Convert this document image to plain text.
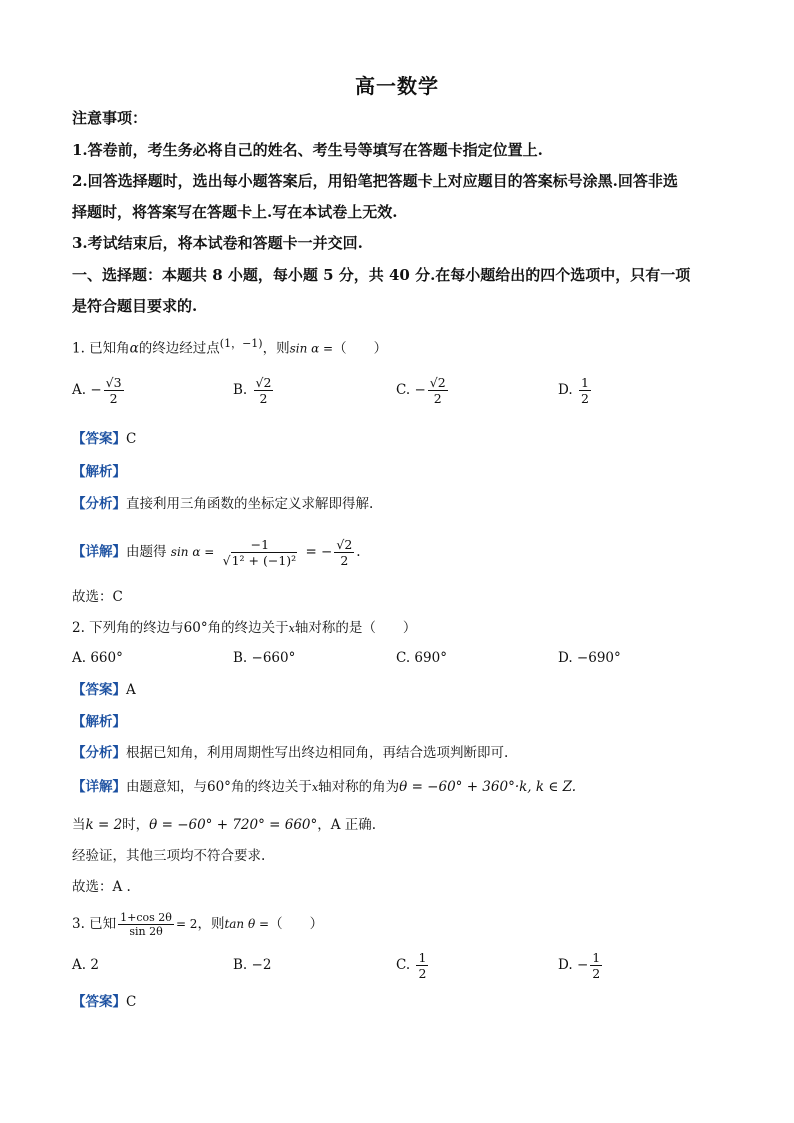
高一数学
注意事项：
1.答卷前，考生务必将自己的姓名、考生号等填写在答题卡指定位置上.
2.回答选择题时，选出每小题答案后，用铅笔把答题卡上对应题目的答案标号涂黑.回答非选
择题时，将答案写在答题卡上.写在本试卷上无效.
3.考试结束后，将本试卷和答题卡一并交回.
一、选择题：本题共 8 小题，每小题 5 分，共 40 分.在每小题给出的四个选项中，只有一项
是符合题目要求的.
1. 已知角α的终边经过点$^{(1,-1)}$，则sin α =（　　）
A. − $\frac{√3}{2}$	B. $\frac{√2}{2}$	C. − $\frac{√2}{2}$	D. $\frac{1}{2}$
【答案】C
【解析】
【分析】直接利用三角函数的坐标定义求解即得解.
【详解】由题得 $\sin \alpha = \frac{-1}{\text{√1² + (−1)²}}$ = − $\frac{√2}{2}$ .
故选：C
2. 下列角的终边与60°角的终边关于x轴对称的是（　　）
A. 660°	B. −660°	C. 690°	D. −690°
【答案】A
【解析】
【分析】根据已知角，利用周期性写出终边相同角，再结合选项判断即可.
【详解】由题意知，与60°角的终边关于x轴对称的角为θ = −60° + 360°·k, k ∈ Z.
当k = 2时，θ = −60° + 720° = 660°，A 正确.
经验证，其他三项均不符合要求.
故选：A .
3. 已知 $\frac{1+\cos 2\theta}{\sin 2\theta} = 2$，则tan θ =（　　）
A. 2	B. −2	C. $\frac{1}{2}$	D. − $\frac{1}{2}$
【答案】C
